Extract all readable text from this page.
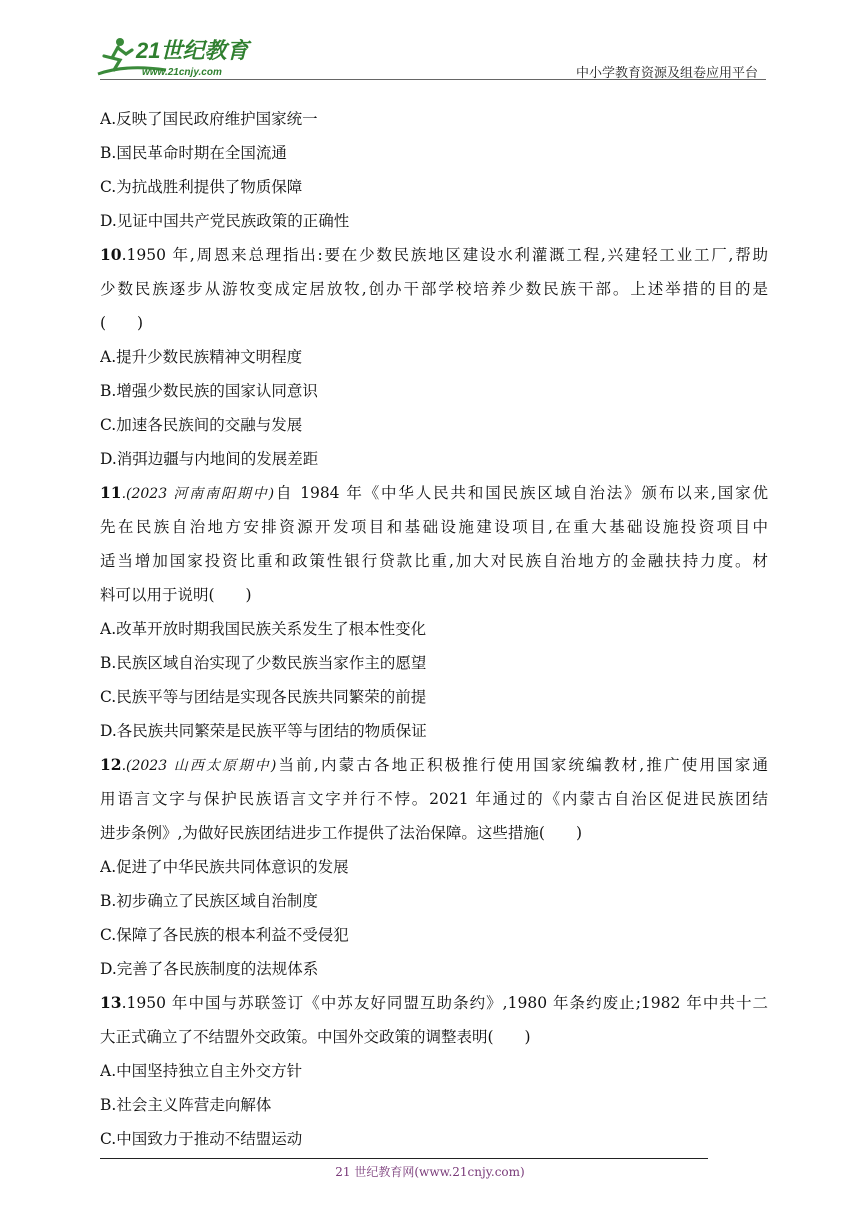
21世纪教育
www.21cnjy.com	中小学教育资源及组卷应用平台
A.反映了国民政府维护国家统一
B.国民革命时期在全国流通
C.为抗战胜利提供了物质保障
D.见证中国共产党民族政策的正确性
10.1950 年,周恩来总理指出:要在少数民族地区建设水利灌溉工程,兴建轻工业工厂,帮助
少数民族逐步从游牧变成定居放牧,创办干部学校培养少数民族干部。上述举措的目的是
(　　)
A.提升少数民族精神文明程度
B.增强少数民族的国家认同意识
C.加速各民族间的交融与发展
D.消弭边疆与内地间的发展差距
11.(2023 河南南阳期中)自 1984 年《中华人民共和国民族区域自治法》颁布以来,国家优
先在民族自治地方安排资源开发项目和基础设施建设项目,在重大基础设施投资项目中
适当增加国家投资比重和政策性银行贷款比重,加大对民族自治地方的金融扶持力度。材
料可以用于说明(　　)
A.改革开放时期我国民族关系发生了根本性变化
B.民族区域自治实现了少数民族当家作主的愿望
C.民族平等与团结是实现各民族共同繁荣的前提
D.各民族共同繁荣是民族平等与团结的物质保证
12.(2023 山西太原期中)当前,内蒙古各地正积极推行使用国家统编教材,推广使用国家通
用语言文字与保护民族语言文字并行不悖。2021 年通过的《内蒙古自治区促进民族团结
进步条例》,为做好民族团结进步工作提供了法治保障。这些措施(　　)
A.促进了中华民族共同体意识的发展
B.初步确立了民族区域自治制度
C.保障了各民族的根本利益不受侵犯
D.完善了各民族制度的法规体系
13.1950 年中国与苏联签订《中苏友好同盟互助条约》,1980 年条约废止;1982 年中共十二
大正式确立了不结盟外交政策。中国外交政策的调整表明(　　)
A.中国坚持独立自主外交方针
B.社会主义阵营走向解体
C.中国致力于推动不结盟运动
21 世纪教育网(www.21cnjy.com)
